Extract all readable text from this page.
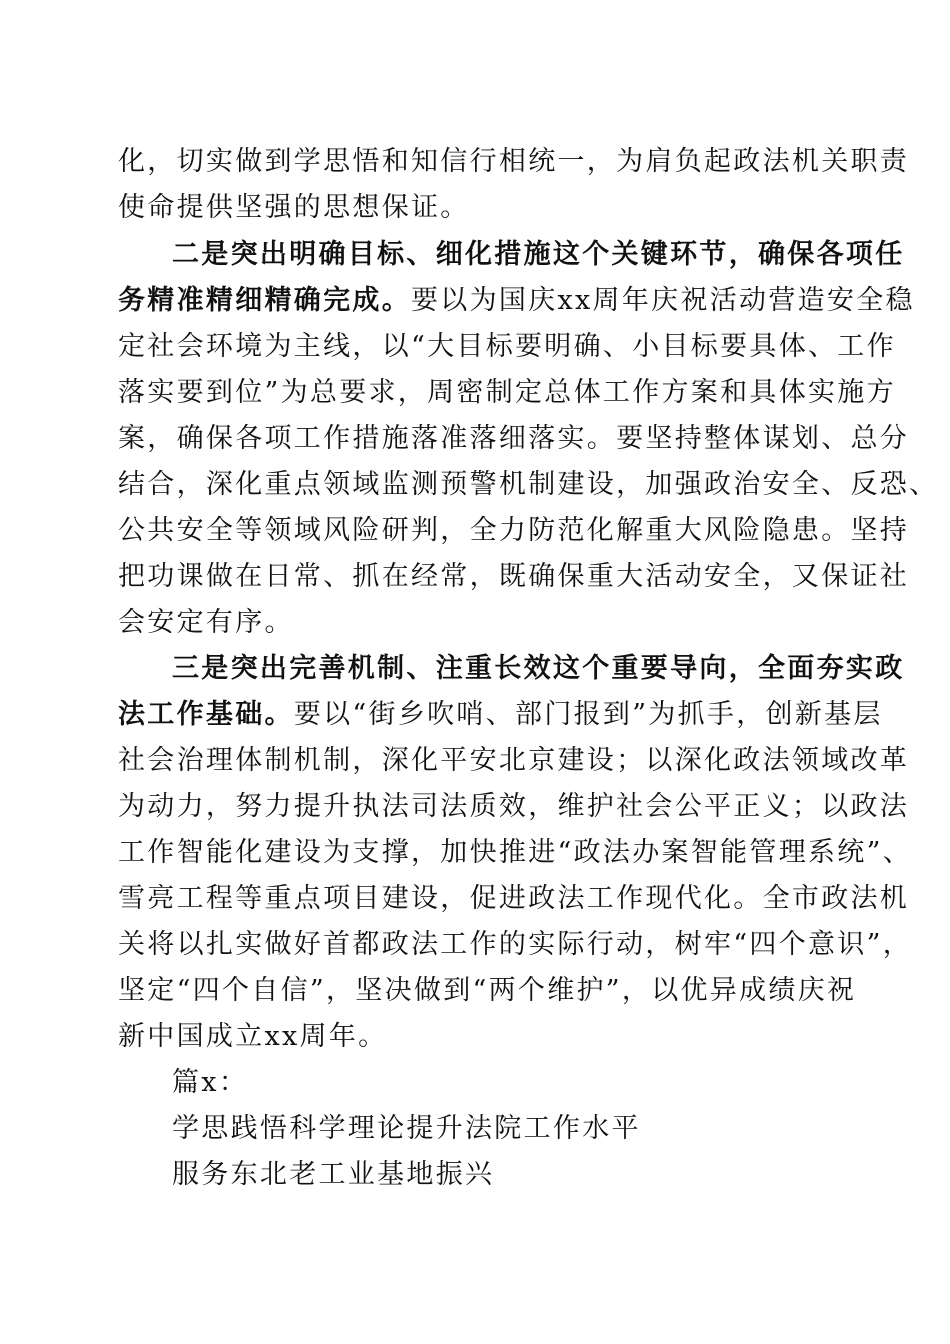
化，切实做到学思悟和知信行相统一，为肩负起政法机关职责
使命提供坚强的思想保证。
二是突出明确目标、细化措施这个关键环节，确保各项任
务精准精细精确完成。要以为国庆xx周年庆祝活动营造安全稳
定社会环境为主线，以“大目标要明确、小目标要具体、工作
落实要到位”为总要求，周密制定总体工作方案和具体实施方
案，确保各项工作措施落准落细落实。要坚持整体谋划、总分
结合，深化重点领域监测预警机制建设，加强政治安全、反恐、
公共安全等领域风险研判，全力防范化解重大风险隐患。坚持
把功课做在日常、抓在经常，既确保重大活动安全，又保证社
会安定有序。
三是突出完善机制、注重长效这个重要导向，全面夯实政
法工作基础。要以“街乡吹哨、部门报到”为抓手，创新基层
社会治理体制机制，深化平安北京建设；以深化政法领域改革
为动力，努力提升执法司法质效，维护社会公平正义；以政法
工作智能化建设为支撑，加快推进“政法办案智能管理系统”、
雪亮工程等重点项目建设，促进政法工作现代化。全市政法机
关将以扎实做好首都政法工作的实际行动，树牢“四个意识”，
坚定“四个自信”，坚决做到“两个维护”，以优异成绩庆祝
新中国成立xx周年。
篇x：
学思践悟科学理论提升法院工作水平
服务东北老工业基地振兴
